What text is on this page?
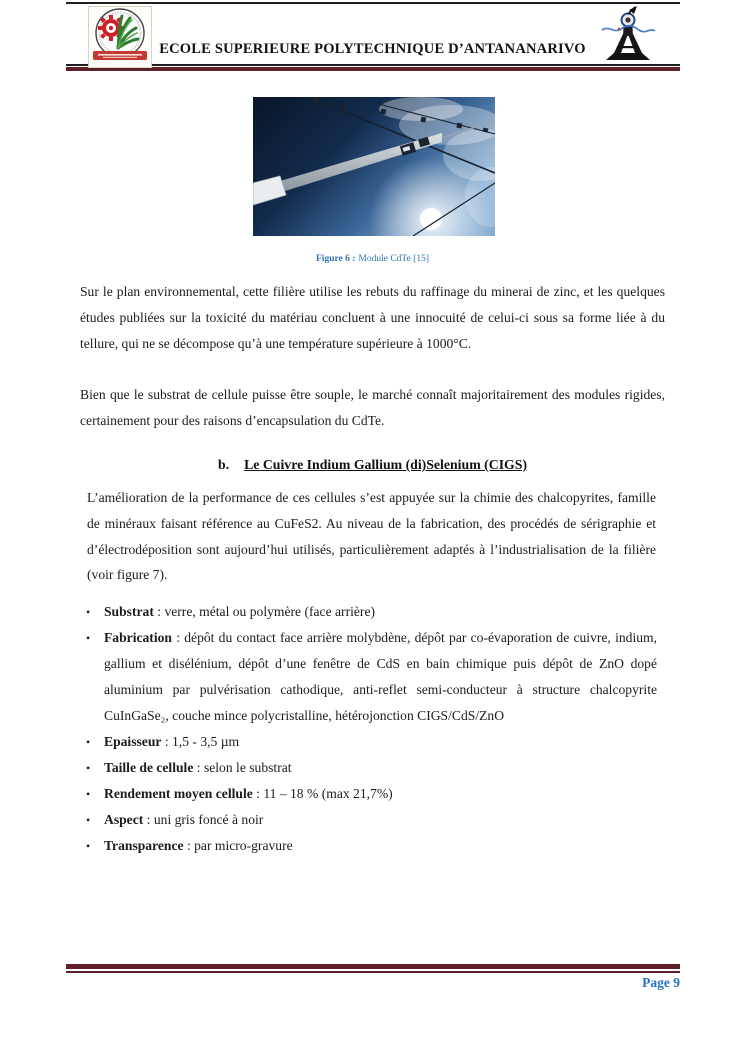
ECOLE SUPERIEURE POLYTECHNIQUE D’ANTANANARIVO
Figure 6 : Module CdTe [15]
Sur le plan environnemental, cette filière utilise les rebuts du raffinage du minerai de zinc, et les quelques études publiées sur la toxicité du matériau concluent à une innocuité de celui-ci sous sa forme liée à du tellure, qui ne se décompose qu’à une température supérieure à 1000°C.
Bien que le substrat de cellule puisse être souple, le marché connaît majoritairement des modules rigides, certainement pour des raisons d’encapsulation du CdTe.
b. Le Cuivre Indium Gallium (di)Selenium (CIGS)
L’amélioration de la performance de ces cellules s’est appuyée sur la chimie des chalcopyrites, famille de minéraux faisant référence au CuFeS2. Au niveau de la fabrication, des procédés de sérigraphie et d’électrodéposition sont aujourd’hui utilisés, particulièrement adaptés à l’industrialisation de la filière (voir figure 7).
• Substrat : verre, métal ou polymère (face arrière)
• Fabrication : dépôt du contact face arrière molybdène, dépôt par co-évaporation de cuivre, indium, gallium et disélénium, dépôt d’une fenêtre de CdS en bain chimique puis dépôt de ZnO dopé aluminium par pulvérisation cathodique, anti-reflet semi-conducteur à structure chalcopyrite CuInGaSe₂, couche mince polycristalline, hétérojonction CIGS/CdS/ZnO
• Epaisseur : 1,5 - 3,5 µm
• Taille de cellule : selon le substrat
• Rendement moyen cellule : 11 – 18 % (max 21,7%)
• Aspect : uni gris foncé à noir
• Transparence : par micro-gravure
Page 9
